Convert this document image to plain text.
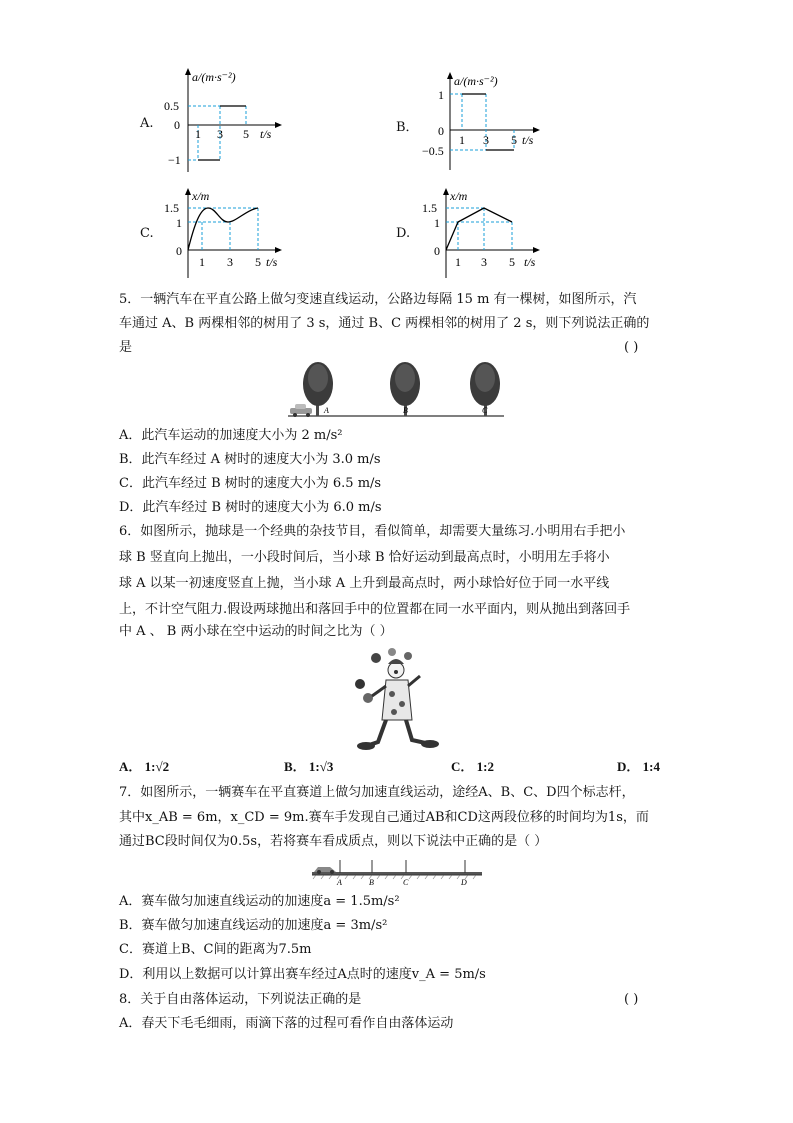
A.
a/(m·s⁻²)
t/s
0.5
0
−1
1 3 5	B．
a/(m·s⁻²)
t/s
1
0
−0.5
1 3 5
C.
x/m
t/s
1.5
1
0
1 3 5
D.
x/m
t/s
1.5
1
0
1 3 5
5．一辆汽车在平直公路上做匀变速直线运动，公路边每隔 15 m 有一棵树，如图所示，汽
车通过 A、B 两棵相邻的树用了 3 s，通过 B、C 两棵相邻的树用了 2 s，则下列说法正确的
是	( )
A	B	C
A．此汽车运动的加速度大小为 2 m/s²
B．此汽车经过 A 树时的速度大小为 3.0 m/s
C．此汽车经过 B 树时的速度大小为 6.5 m/s
D．此汽车经过 B 树时的速度大小为 6.0 m/s
6．如图所示，抛球是一个经典的杂技节目，看似简单，却需要大量练习.小明用右手把小
球 B 竖直向上抛出，一小段时间后，当小球 B 恰好运动到最高点时，小明用左手将小
球 A 以某一初速度竖直上抛，当小球 A 上升到最高点时，两小球恰好位于同一水平线
上，不计空气阻力.假设两球抛出和落回手中的位置都在同一水平面内，则从抛出到落回手
中 A 、 B 两小球在空中运动的时间之比为（ ）
A． 1:√2	B． 1:√3	C． 1:2	D． 1:4
7．如图所示，一辆赛车在平直赛道上做匀加速直线运动，途经A、B、C、D四个标志杆，
其中x_AB = 6m，x_CD = 9m.赛车手发现自己通过AB和CD这两段位移的时间均为1s，而
通过BC段时间仅为0.5s，若将赛车看成质点，则以下说法中正确的是（ ）
A	B	C	D
A．赛车做匀加速直线运动的加速度a = 1.5m/s²
B．赛车做匀加速直线运动的加速度a = 3m/s²
C．赛道上B、C间的距离为7.5m
D．利用以上数据可以计算出赛车经过A点时的速度v_A = 5m/s
8．关于自由落体运动，下列说法正确的是	( )
A．春天下毛毛细雨，雨滴下落的过程可看作自由落体运动
